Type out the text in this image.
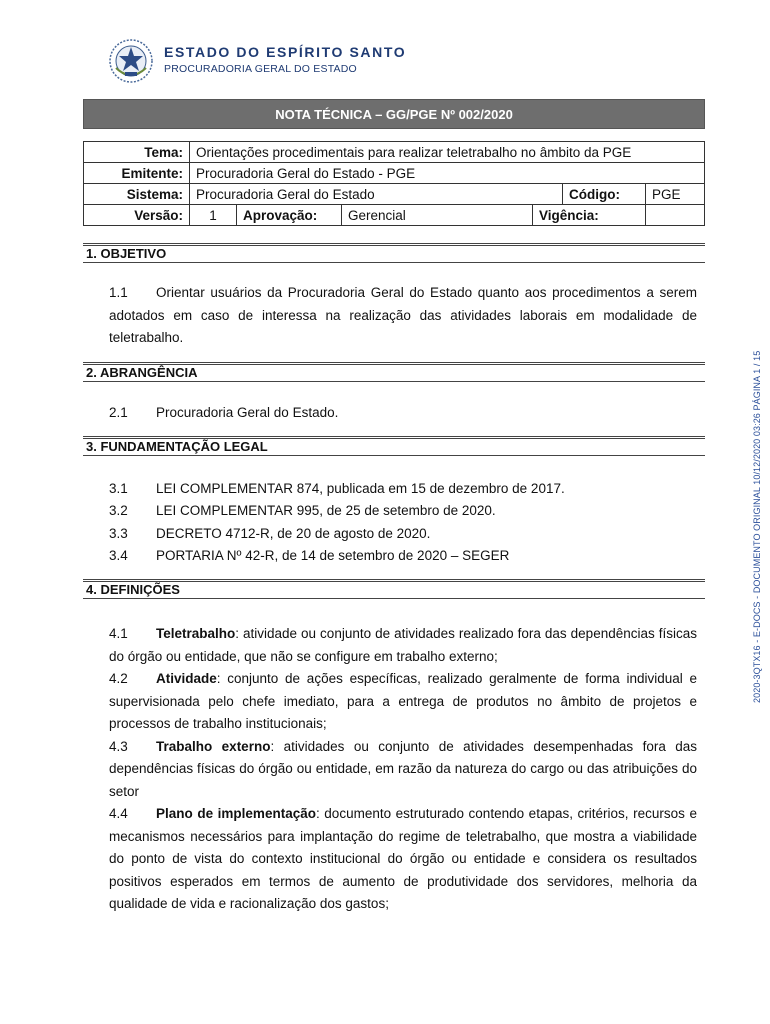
ESTADO DO ESPÍRITO SANTO
PROCURADORIA GERAL DO ESTADO
NOTA TÉCNICA – GG/PGE Nº 002/2020
Tema:	Orientações procedimentais para realizar teletrabalho no âmbito da PGE					
Emitente:	Procuradoria Geral do Estado - PGE					
Sistema:	Procuradoria Geral do Estado				Código:	PGE
Versão:	1	Aprovação:	Gerencial	Vigência:		
1. OBJETIVO
1.1 Orientar usuários da Procuradoria Geral do Estado quanto aos procedimentos a serem adotados em caso de interessa na realização das atividades laborais em modalidade de teletrabalho.
2. ABRANGÊNCIA
2.1 Procuradoria Geral do Estado.
3. FUNDAMENTAÇÃO LEGAL
3.1 LEI COMPLEMENTAR 874, publicada em 15 de dezembro de 2017.
3.2 LEI COMPLEMENTAR 995, de 25 de setembro de 2020.
3.3 DECRETO 4712-R, de 20 de agosto de 2020.
3.4 PORTARIA Nº 42-R, de 14 de setembro de 2020 – SEGER
4. DEFINIÇÕES

4.1 Teletrabalho: atividade ou conjunto de atividades realizado fora das dependências físicas do órgão ou entidade, que não se configure em trabalho externo;

4.2 Atividade: conjunto de ações específicas, realizado geralmente de forma individual e supervisionada pelo chefe imediato, para a entrega de produtos no âmbito de projetos e processos de trabalho institucionais;

4.3 Trabalho externo: atividades ou conjunto de atividades desempenhadas fora das dependências físicas do órgão ou entidade, em razão da natureza do cargo ou das atribuições do setor

4.4 Plano de implementação: documento estruturado contendo etapas, critérios, recursos e mecanismos necessários para implantação do regime de teletrabalho, que mostra a viabilidade do ponto de vista do contexto institucional do órgão ou entidade e considera os resultados positivos esperados em termos de aumento de produtividade dos servidores, melhoria da qualidade de vida e racionalização dos gastos;

2020-3QTX16 - E-DOCS - DOCUMENTO ORIGINAL 10/12/2020 03:26 PÁGINA 1 / 15
